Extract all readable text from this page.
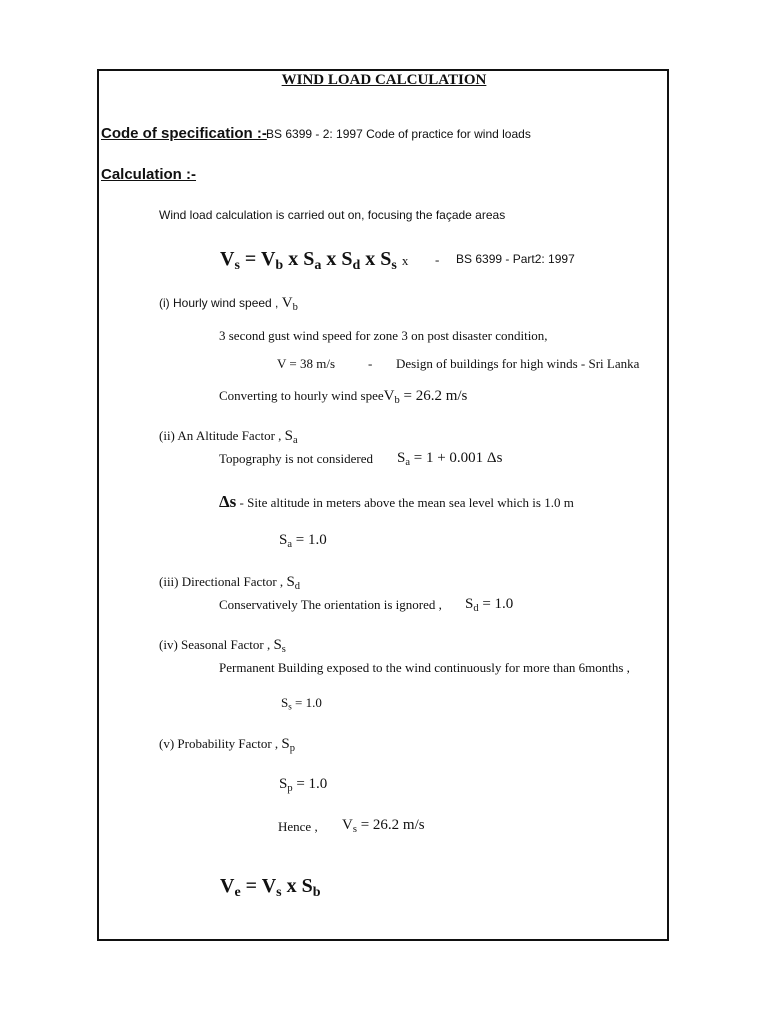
WIND LOAD CALCULATION
Code of specification :- BS 6399 - 2: 1997 Code of practice for wind loads
Calculation :-
Wind load calculation is carried out on, focusing the façade areas
$V_s = V_b$ x $S_a$ x $S_d$ x $S_s$ x - BS 6399 - Part2: 1997
(i) Hourly wind speed , $V_b$
3 second gust wind speed for zone 3 on post disaster condition,
V = 38 m/s	- Design of buildings for high winds - Sri Lanka
Converting to hourly wind speeV$_b$ = 26.2 m/s
(ii) An Altitude Factor , $S_a$
Topography is not considered $S_a = 1 + 0.001$ Δs
Δs - Site altitude in meters above the mean sea level which is 1.0 m
$S_a = 1.0$
(iii) Directional Factor , $S_d$
Conservatively The orientation is ignored , $S_d = 1.0$
(iv) Seasonal Factor , $S_s$
Permanent Building exposed to the wind continuously for more than 6months ,
$S_s = 1.0$
(v) Probability Factor , $S_p$
$S_p = 1.0$
Hence , $V_s = 26.2$ m/s
$V_e = V_s$ x $S_b$
